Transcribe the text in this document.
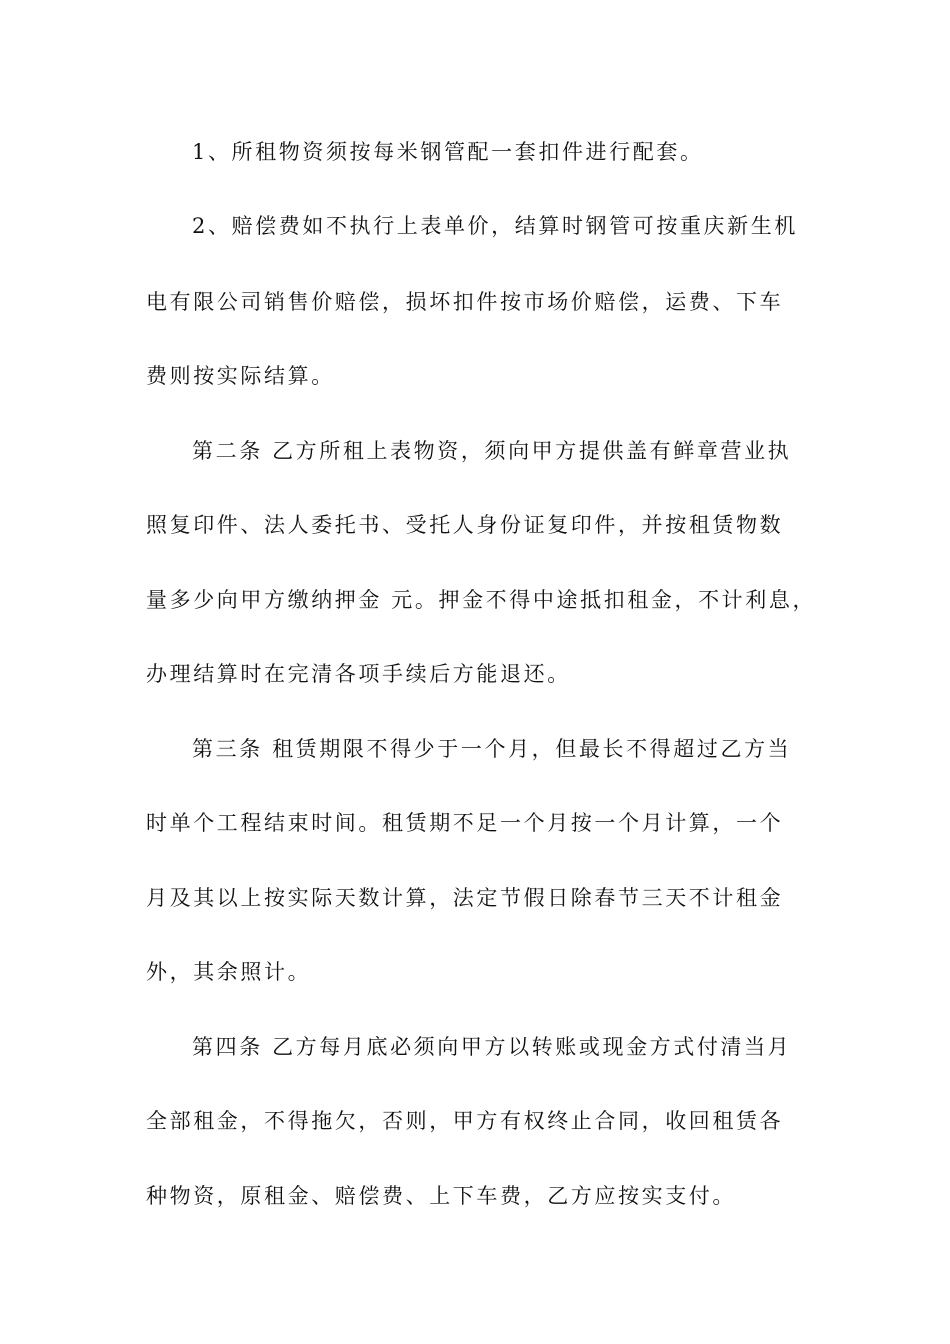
1、所租物资须按每米钢管配一套扣件进行配套。
2、赔偿费如不执行上表单价，结算时钢管可按重庆新生机
电有限公司销售价赔偿，损坏扣件按市场价赔偿，运费、下车
费则按实际结算。
第二条 乙方所租上表物资，须向甲方提供盖有鲜章营业执
照复印件、法人委托书、受托人身份证复印件，并按租赁物数
量多少向甲方缴纳押金 元。押金不得中途抵扣租金，不计利息，
办理结算时在完清各项手续后方能退还。
第三条 租赁期限不得少于一个月，但最长不得超过乙方当
时单个工程结束时间。租赁期不足一个月按一个月计算，一个
月及其以上按实际天数计算，法定节假日除春节三天不计租金
外，其余照计。
第四条 乙方每月底必须向甲方以转账或现金方式付清当月
全部租金，不得拖欠，否则，甲方有权终止合同，收回租赁各
种物资，原租金、赔偿费、上下车费，乙方应按实支付。
